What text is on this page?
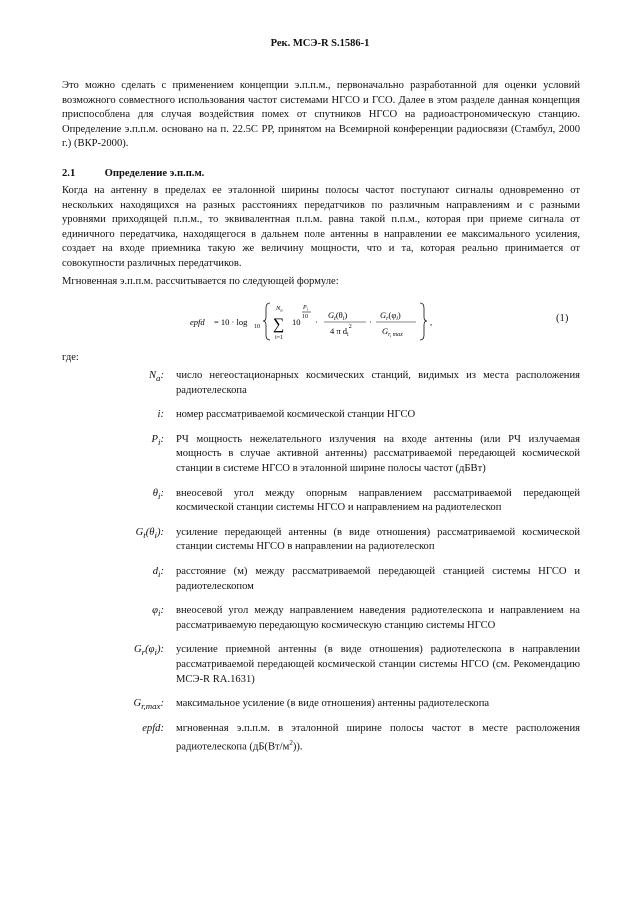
Рек. МСЭ-R S.1586-1

Это можно сделать с применением концепции э.п.п.м., первоначально разработанной для оценки условий возможного совместного использования частот системами НГСО и ГСО. Далее в этом разделе данная концепция приспособлена для случая воздействия помех от спутников НГСО на радиоастрономическую станцию. Определение э.п.п.м. основано на п. 22.5С РР, принятом на Всемирной конференции радиосвязи (Стамбул, 2000 г.) (ВКР-2000).

2.1	Определение э.п.п.м.

Когда на антенну в пределах ее эталонной ширины полосы частот поступают сигналы одновременно от нескольких находящихся на разных расстояниях передатчиков по различным направлениям и с разными уровнями приходящей п.п.м., то эквивалентная п.п.м. равна такой п.п.м., которая при приеме сигнала от единичного передатчика, находящегося в дальнем поле антенны в направлении ее максимального усиления, создает на входе приемника такую же величину мощности, что и та, которая реально принимается от совокупности различных передатчиков.

Мгновенная э.п.п.м. рассчитывается по следующей формуле:

epfd = 10 · log 10
$N_a$
∑
i=1
10
$P_i$
10 ·
$G_t(\theta_i)$
4 π $d_i^2$ ·
$G_r(\varphi_i)$
$G_{r, max}$
,	(1)
где:
$N_a$:	число негеостационарных космических станций, видимых из места расположения радиотелескопа
i:	номер рассматриваемой космической станции НГСО
$P_i$:	РЧ мощность нежелательного излучения на входе антенны (или РЧ излучаемая мощность в случае активной антенны) рассматриваемой передающей космической станции в системе НГСО в эталонной ширине полосы частот (дБВт)
$\theta_i$:	внеосевой угол между опорным направлением рассматриваемой передающей космической станции системы НГСО и направлением на радиотелескоп
$G_t(\theta_i)$:	усиление передающей антенны (в виде отношения) рассматриваемой космической станции системы НГСО в направлении на радиотелескоп
$d_i$:	расстояние (м) между рассматриваемой передающей станцией системы НГСО и радиотелескопом
$\varphi_i$:	внеосевой угол между направлением наведения радиотелескопа и направлением на рассматриваемую передающую космическую станцию системы НГСО
$G_r(\varphi_i)$:	усиление приемной антенны (в виде отношения) радиотелескопа в направлении рассматриваемой передающей космической станции системы НГСО (см. Рекомендацию МСЭ-R RA.1631)
$G_{r,max}$:	максимальное усиление (в виде отношения) антенны радиотелескопа
epfd:	мгновенная э.п.п.м. в эталонной ширине полосы частот в месте расположения радиотелескопа $(дБ(Вт/м^2))$.
